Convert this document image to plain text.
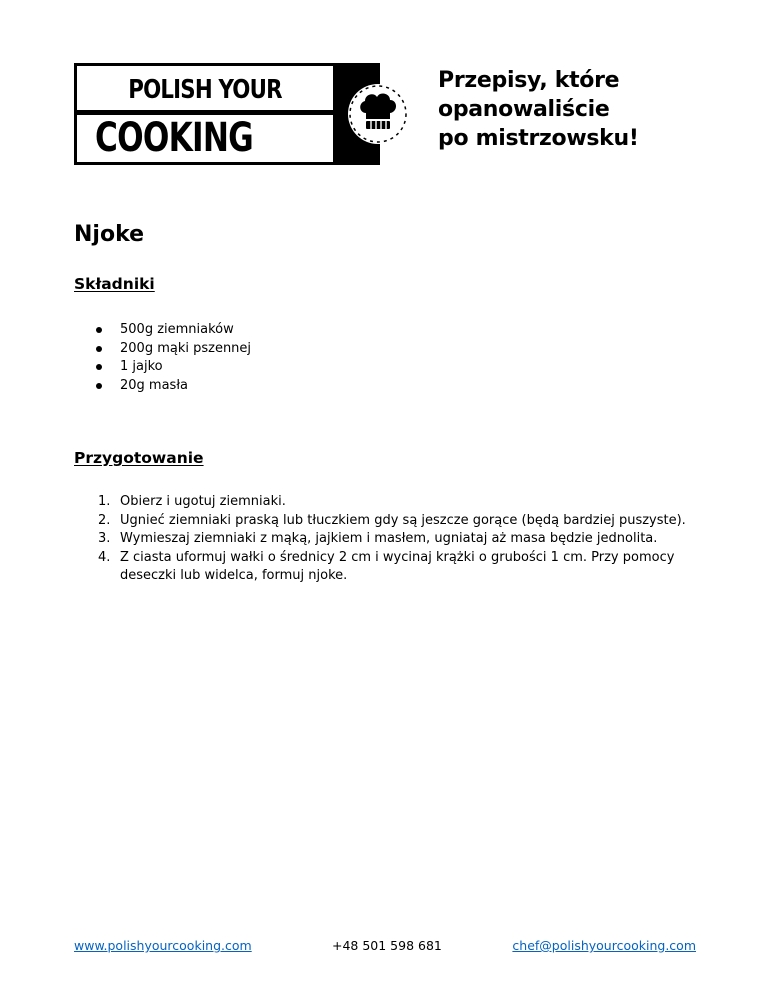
POLISH YOUR
COOKING
Przepisy, które
opanowaliście
po mistrzowsku!
Njoke
Składniki
500g ziemniaków
200g mąki pszennej
1 jajko
20g masła
Przygotowanie
1. Obierz i ugotuj ziemniaki.
2. Ugnieć ziemniaki praską lub tłuczkiem gdy są jeszcze gorące (będą bardziej puszyste).
3. Wymieszaj ziemniaki z mąką, jajkiem i masłem, ugniataj aż masa będzie jednolita.
4. Z ciasta uformuj wałki o średnicy 2 cm i wycinaj krążki o grubości 1 cm. Przy pomocy deseczki lub widelca, formuj njoke.
www.polishyourcooking.com	+48 501 598 681	chef@polishyourcooking.com
